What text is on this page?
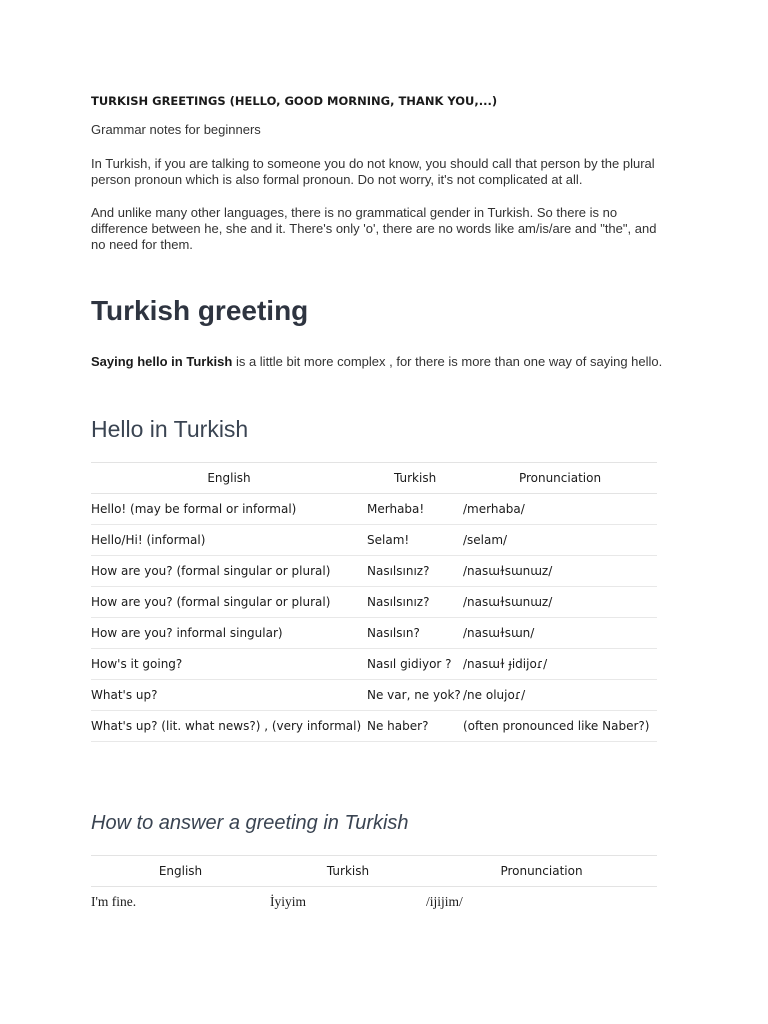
TURKISH GREETINGS (HELLO, GOOD MORNING, THANK YOU,...)
Grammar notes for beginners
In Turkish, if you are talking to someone you do not know, you should call that person by the plural person pronoun which is also formal pronoun. Do not worry, it's not complicated at all.
And unlike many other languages, there is no grammatical gender in Turkish. So there is no difference between he, she and it. There's only 'o', there are no words like am/is/are and "the", and no need for them.
Turkish greeting
Saying hello in Turkish is a little bit more complex , for there is more than one way of saying hello.
Hello in Turkish
English	Turkish	Pronunciation
Hello! (may be formal or informal)	Merhaba!	/merhaba/
Hello/Hi! (informal)	Selam!	/selam/
How are you? (formal singular or plural)	Nasılsınız?	/nasɯɫsɯnɯz/
How are you? (formal singular or plural)	Nasılsınız?	/nasɯɫsɯnɯz/
How are you? informal singular)	Nasılsın?	/nasɯɫsɯn/
How's it going?	Nasıl gidiyor ?	/nasɯɫ ɟidijoɾ/
What's up?	Ne var, ne yok?	/ne olujoɾ/
What's up? (lit. what news?) , (very informal)	Ne haber?	(often pronounced like Naber?)
How to answer a greeting in Turkish
English	Turkish	Pronunciation
I'm fine.	İyiyim	/ijijim/
